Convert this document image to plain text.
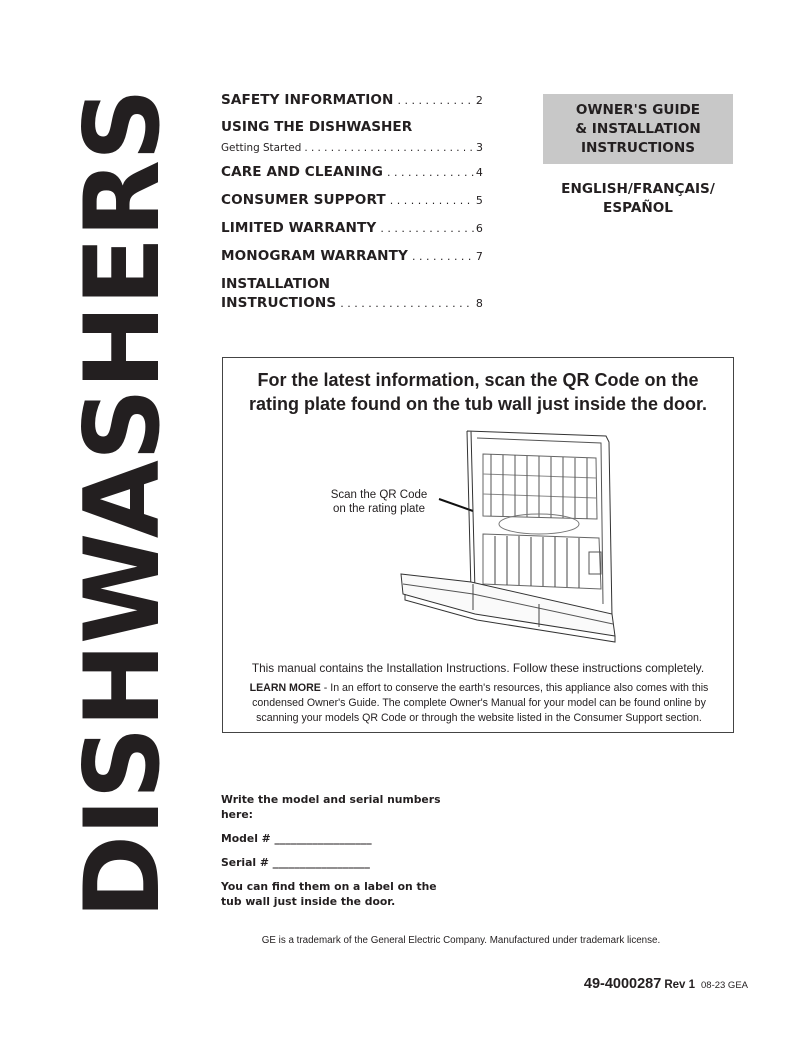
DISHWASHERS	SAFETY INFORMATION . . .	2
USING THE DISHWASHER
Getting Started . . .	3
CARE AND CLEANING . . .	4
CONSUMER SUPPORT . . .	5
LIMITED WARRANTY . . .	6
MONOGRAM WARRANTY . . .	7
INSTALLATION
INSTRUCTIONS . . .	8
OWNER'S GUIDE
& INSTALLATION
INSTRUCTIONS
ENGLISH/FRANÇAIS/
ESPAÑOL
For the latest information, scan the QR Code on the
rating plate found on the tub wall just inside the door.
Scan the QR Code
on the rating plate
This manual contains the Installation Instructions. Follow these instructions completely.
LEARN MORE - In an effort to conserve the earth's resources, this appliance also comes with this condensed Owner's Guide. The complete Owner's Manual for your model can be found online by scanning your models QR Code or through the website listed in the Consumer Support section.

Write the model and serial numbers here:

Model # __________________

Serial # __________________

You can find them on a label on the tub wall just inside the door.

GE is a trademark of the General Electric Company. Manufactured under trademark license.
49-4000287 Rev 1 08-23 GEA
